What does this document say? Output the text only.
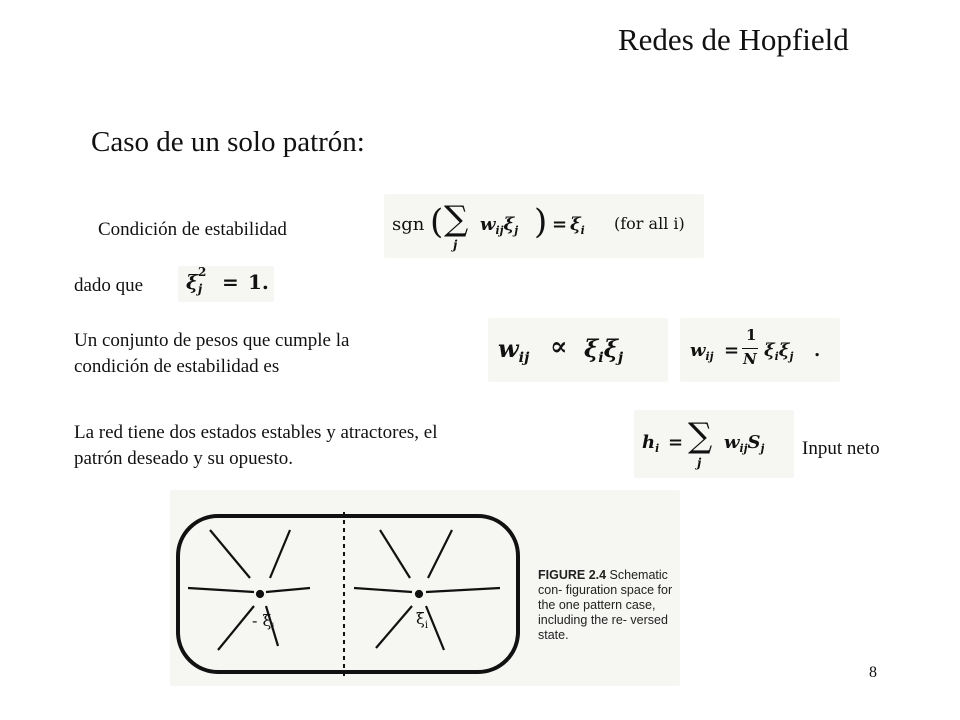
Redes de Hopfield
Caso de un solo patrón:
Condición de estabilidad	sgn ( ∑
j
$w_{ij}\xi_j$ ) = $\xi_i$ (for all i)
dado que $\xi_j$
2 = 1.
Un conjunto de pesos que cumple la
condición de estabilidad es
$w_{ij} \propto \xi_i\xi_j$	$w_{ij}$ =
1
N $\xi_i\xi_j$ .
La red tiene dos estados estables y atractores, el
patrón deseado y su opuesto.
$h_i$ = ∑
j
$w_{ij}S_j$ Input neto
- $\xi_i$	$\xi_i$
FIGURE 2.4 Schematic con- figuration space for the one pattern case, including the re- versed state.
8
